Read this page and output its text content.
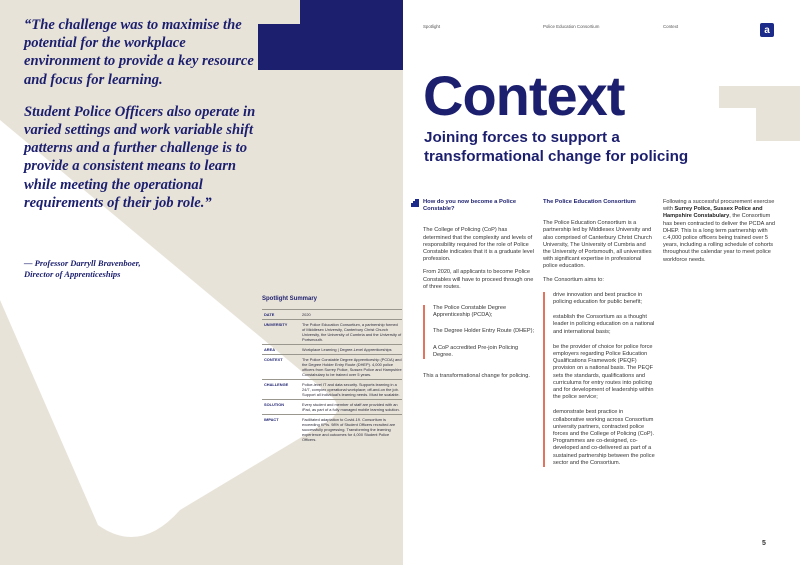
“The challenge was to maximise the potential for the workplace environment to provide a key resource and focus for learning.

Student Police Officers also operate in varied settings and work variable shift patterns and a further challenge is to provide a consistent means to learn while meeting the operational requirements of their job role.”

— Professor Darryll Bravenboer,
Director of Apprenticeships
Spotlight Summary
DATE	2020
UNIVERSITY	The Police Education Consortium, a partnership formed of Middlesex University, Canterbury Christ Church University, the University of Cumbria and the University of Portsmouth.
AREA	Workplace Learning | Degree-Level Apprenticeships
CONTEXT	The Police Constable Degree Apprenticeship (PCDA) and the Degree Holder Entry Route (DHEP). 4,000 police officers from Surrey Police, Sussex Police and Hampshire Constabulary to be trained over 5 years.
CHALLENGE	Police-level IT and data security. Supports learning in a 24/7, complex operational workplace; off-and-on the job. Support all individual's learning needs. Must be scalable.
SOLUTION	Every student and member of staff are provided with an iPad, as part of a fully managed mobile learning solution.
IMPACT	Facilitated adaptation to Covid-19. Consortium is exceeding KPIs. 98% of Student Officers recruited are successfully progressing. Transforming the learning experience and outcomes for 4,000 Student Police Officers.
Spotlight	Police Education Consortium	Context	a
Context
Joining forces to support a transformational change for policing
How do you now become a Police Constable?

The College of Policing (CoP) has determined that the complexity and levels of responsibility required for the role of Police Constable indicates that it is a graduate level profession.

From 2020, all applicants to become Police Constables will have to proceed through one of three routes.

The Police Constable Degree Apprenticeship (PCDA);

The Degree Holder Entry Route (DHEP);

A CoP accredited Pre-join Policing Degree.

This a transformational change for policing.

The Police Education Consortium

The Police Education Consortium is a partnership led by Middlesex University and also comprised of Canterbury Christ Church University, The University of Cumbria and the University of Portsmouth, all universities with significant expertise in professional police education.

The Consortium aims to:

drive innovation and best practice in policing education for public benefit;

establish the Consortium as a thought leader in policing education on a national and international basis;

be the provider of choice for police force employers regarding Police Education Qualifications Framework (PEQF) provision on a national basis. The PEQF sets the standards, qualifications and curriculums for entry routes into policing and for development of leadership within the police service;

demonstrate best practice in collaborative working across Consortium university partners, contracted police forces and the College of Policing (CoP). Programmes are co-designed, co-developed and co-delivered as part of a sustained partnership between the police sector and the Consortium.

Following a successful procurement exercise with Surrey Police, Sussex Police and Hampshire Constabulary, the Consortium has been contracted to deliver the PCDA and DHEP. This is a long term partnership with c.4,000 police officers being trained over 5 years, including a rolling schedule of cohorts throughout the calendar year to meet police workforce needs.

5
